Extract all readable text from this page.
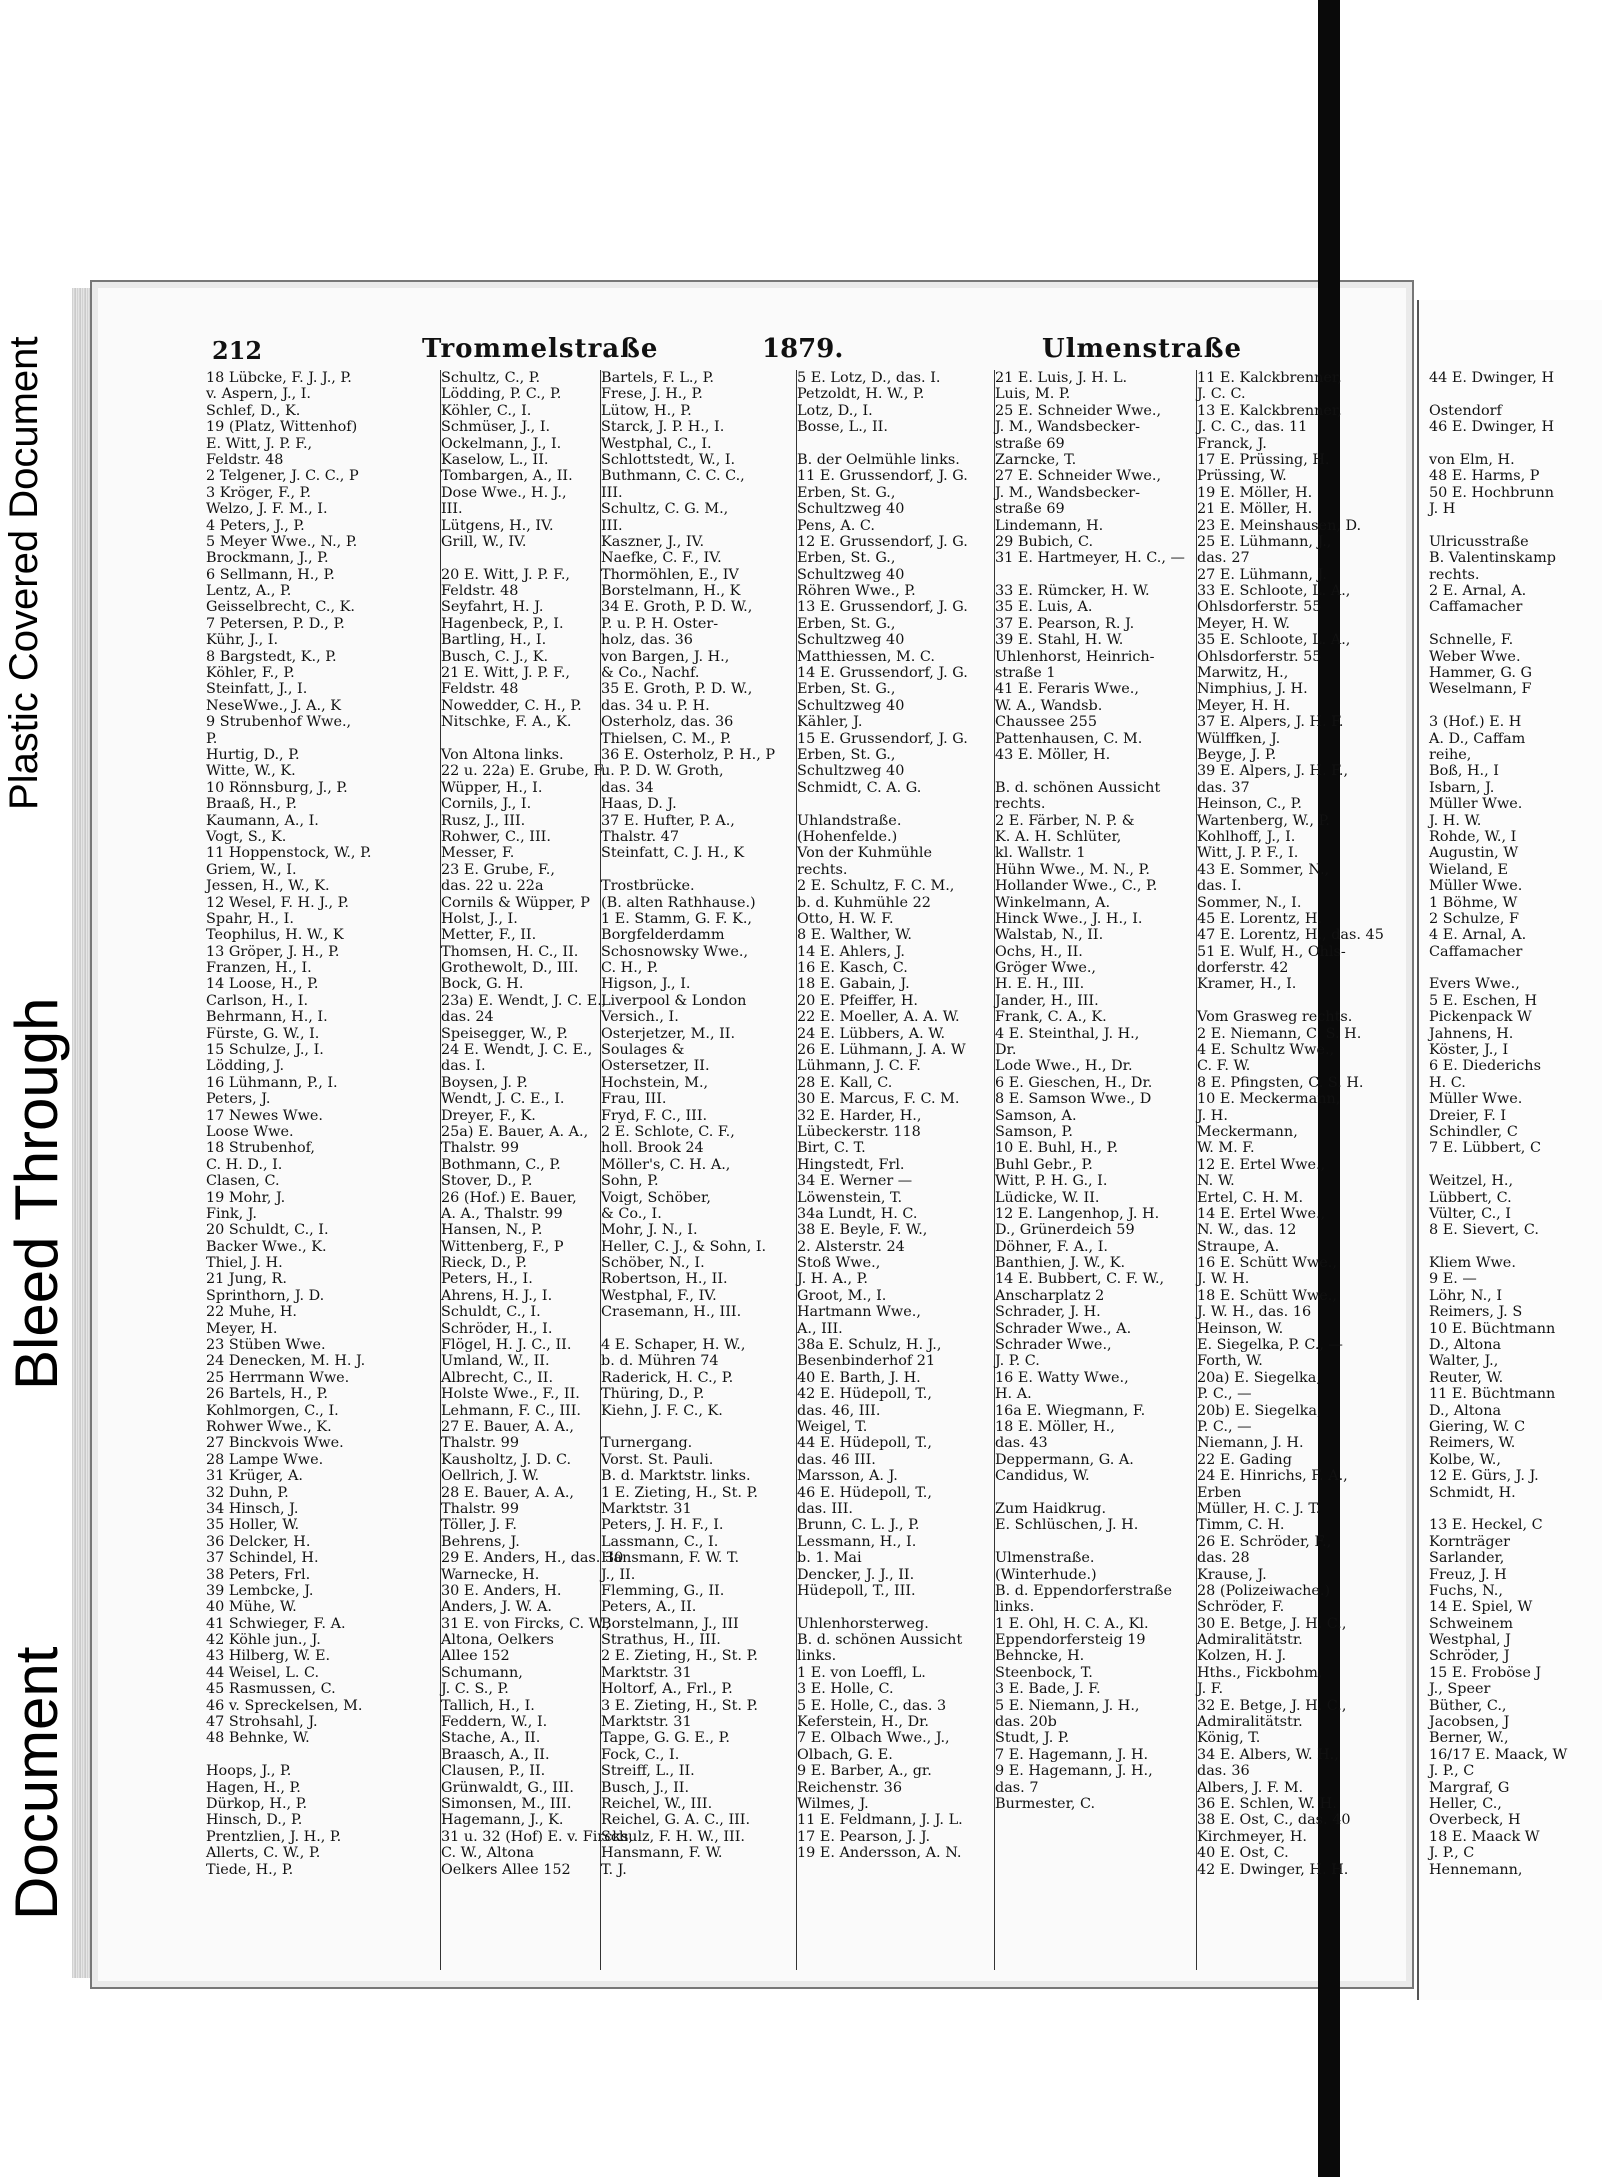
Document
Bleed Through
Plastic Covered Document	44 E. Dwinger, H
Ostendorf
46 E. Dwinger, H
von Elm, H.
48 E. Harms, P
50 E. Hochbrunn
J. H
Ulricusstraße
B. Valentinskamp
rechts.
2 E. Arnal, A.
Caffamacher
Schnelle, F.
Weber Wwe.
Hammer, G. G
Weselmann, F
3 (Hof.) E. H
A. D., Caffam
reihe,
Boß, H., I
Isbarn, J.
Müller Wwe.
J. H. W.
Rohde, W., I
Augustin, W
Wieland, E
Müller Wwe.
1 Böhme, W
2 Schulze, F
4 E. Arnal, A.
Caffamacher
Evers Wwe.,
5 E. Eschen, H
Pickenpack W
Jahnens, H.
Köster, J., I
6 E. Diederichs
H. C.
Müller Wwe.
Dreier, F. I
Schindler, C
7 E. Lübbert, C
Weitzel, H.,
Lübbert, C.
Vülter, C., I
8 E. Sievert, C.
Kliem Wwe.
9 E. —
Löhr, N., I
Reimers, J. S
10 E. Büchtmann
D., Altona
Walter, J.,
Reuter, W.
11 E. Büchtmann
D., Altona
Giering, W. C
Reimers, W.
Kolbe, W.,
12 E. Gürs, J. J.
Schmidt, H.
13 E. Heckel, C
Kornträger
Sarlander,
Freuz, J. H
Fuchs, N.,
14 E. Spiel, W
Schweinem
Westphal, J
Schröder, J
15 E. Froböse J
J., Speer
Büther, C.,
Jacobsen, J
Berner, W.,
16/17 E. Maack, W
J. P., C
Margraf, G
Heller, C.,
Overbeck, H
18 E. Maack W
J. P., C
Hennemann,
212	Trommelstraße	1879.	Ulmenstraße
18 Lübcke, F. J. J., P.
v. Aspern, J., I.
Schlef, D., K.
19 (Platz, Wittenhof)
E. Witt, J. P. F.,
Feldstr. 48
2 Telgener, J. C. C., P
3 Kröger, F., P.
Welzo, J. F. M., I.
4 Peters, J., P.
5 Meyer Wwe., N., P.
Brockmann, J., P.
6 Sellmann, H., P.
Lentz, A., P.
Geisselbrecht, C., K.
7 Petersen, P. D., P.
Kühr, J., I.
8 Bargstedt, K., P.
Köhler, F., P.
Steinfatt, J., I.
NeseWwe., J. A., K
9 Strubenhof Wwe.,
P.
Hurtig, D., P.
Witte, W., K.
10 Rönnsburg, J., P.
Braaß, H., P.
Kaumann, A., I.
Vogt, S., K.
11 Hoppenstock, W., P.
Griem, W., I.
Jessen, H., W., K.
12 Wesel, F. H. J., P.
Spahr, H., I.
Teophilus, H. W., K
13 Gröper, J. H., P.
Franzen, H., I.
14 Loose, H., P.
Carlson, H., I.
Behrmann, H., I.
Fürste, G. W., I.
15 Schulze, J., I.
Lödding, J.
16 Lühmann, P., I.
Peters, J.
17 Newes Wwe.
Loose Wwe.
18 Strubenhof,
C. H. D., I.
Clasen, C.
19 Mohr, J.
Fink, J.
20 Schuldt, C., I.
Backer Wwe., K.
Thiel, J. H.
21 Jung, R.
Sprinthorn, J. D.
22 Muhe, H.
Meyer, H.
23 Stüben Wwe.
24 Denecken, M. H. J.
25 Herrmann Wwe.
26 Bartels, H., P.
Kohlmorgen, C., I.
Rohwer Wwe., K.
27 Binckvois Wwe.
28 Lampe Wwe.
31 Krüger, A.
32 Duhn, P.
34 Hinsch, J.
35 Holler, W.
36 Delcker, H.
37 Schindel, H.
38 Peters, Frl.
39 Lembcke, J.
40 Mühe, W.
41 Schwieger, F. A.
42 Köhle jun., J.
43 Hilberg, W. E.
44 Weisel, L. C.
45 Rasmussen, C.
46 v. Spreckelsen, M.
47 Strohsahl, J.
48 Behnke, W.
Hoops, J., P.
Hagen, H., P.
Dürkop, H., P.
Hinsch, D., P.
Prentzlien, J. H., P.
Allerts, C. W., P.
Tiede, H., P.
Schultz, C., P.
Lödding, P. C., P.
Köhler, C., I.
Schmüser, J., I.
Ockelmann, J., I.
Kaselow, L., II.
Tombargen, A., II.
Dose Wwe., H. J.,
III.
Lütgens, H., IV.
Grill, W., IV.
20 E. Witt, J. P. F.,
Feldstr. 48
Seyfahrt, H. J.
Hagenbeck, P., I.
Bartling, H., I.
Busch, C. J., K.
21 E. Witt, J. P. F.,
Feldstr. 48
Nowedder, C. H., P.
Nitschke, F. A., K.
Von Altona links.
22 u. 22a) E. Grube, F.
Wüpper, H., I.
Cornils, J., I.
Rusz, J., III.
Rohwer, C., III.
Messer, F.
23 E. Grube, F.,
das. 22 u. 22a
Cornils & Wüpper, P
Holst, J., I.
Metter, F., II.
Thomsen, H. C., II.
Grothewolt, D., III.
Bock, G. H.
23a) E. Wendt, J. C. E.,
das. 24
Speisegger, W., P.
24 E. Wendt, J. C. E.,
das. I.
Boysen, J. P.
Wendt, J. C. E., I.
Dreyer, F., K.
25a) E. Bauer, A. A.,
Thalstr. 99
Bothmann, C., P.
Stover, D., P.
26 (Hof.) E. Bauer,
A. A., Thalstr. 99
Hansen, N., P.
Wittenberg, F., P
Rieck, D., P.
Peters, H., I.
Ahrens, H. J., I.
Schuldt, C., I.
Schröder, H., I.
Flögel, H. J. C., II.
Umland, W., II.
Albrecht, C., II.
Holste Wwe., F., II.
Lehmann, F. C., III.
27 E. Bauer, A. A.,
Thalstr. 99
Kausholtz, J. D. C.
Oellrich, J. W.
28 E. Bauer, A. A.,
Thalstr. 99
Töller, J. F.
Behrens, J.
29 E. Anders, H., das. 30
Warnecke, H.
30 E. Anders, H.
Anders, J. W. A.
31 E. von Fircks, C. W.,
Altona, Oelkers
Allee 152
Schumann,
J. C. S., P.
Tallich, H., I.
Feddern, W., I.
Stache, A., II.
Braasch, A., II.
Clausen, P., II.
Grünwaldt, G., III.
Simonsen, M., III.
Hagemann, J., K.
31 u. 32 (Hof) E. v. Fircks,
C. W., Altona
Oelkers Allee 152
Bartels, F. L., P.
Frese, J. H., P.
Lütow, H., P.
Starck, J. P. H., I.
Westphal, C., I.
Schlottstedt, W., I.
Buthmann, C. C. C.,
III.
Schultz, C. G. M.,
III.
Kaszner, J., IV.
Naefke, C. F., IV.
Thormöhlen, E., IV
Borstelmann, H., K
34 E. Groth, P. D. W.,
P. u. P. H. Oster-
holz, das. 36
von Bargen, J. H.,
& Co., Nachf.
35 E. Groth, P. D. W.,
das. 34 u. P. H.
Osterholz, das. 36
Thielsen, C. M., P.
36 E. Osterholz, P. H., P
u. P. D. W. Groth,
das. 34
Haas, D. J.
37 E. Hufter, P. A.,
Thalstr. 47
Steinfatt, C. J. H., K
Trostbrücke.
(B. alten Rathhause.)
1 E. Stamm, G. F. K.,
Borgfelderdamm
Schosnowsky Wwe.,
C. H., P.
Higson, J., I.
Liverpool & London
Versich., I.
Osterjetzer, M., II.
Soulages &
Ostersetzer, II.
Hochstein, M.,
Frau, III.
Fryd, F. C., III.
2 E. Schlote, C. F.,
holl. Brook 24
Möller's, C. H. A.,
Sohn, P.
Voigt, Schöber,
& Co., I.
Mohr, J. N., I.
Heller, C. J., & Sohn, I.
Schöber, N., I.
Robertson, H., II.
Westphal, F., IV.
Crasemann, H., III.
4 E. Schaper, H. W.,
b. d. Mühren 74
Raderick, H. C., P.
Thüring, D., P.
Kiehn, J. F. C., K.
Turnergang.
Vorst. St. Pauli.
B. d. Marktstr. links.
1 E. Zieting, H., St. P.
Marktstr. 31
Peters, J. H. F., I.
Lassmann, C., I.
Hansmann, F. W. T.
J., II.
Flemming, G., II.
Peters, A., II.
Borstelmann, J., III
Strathus, H., III.
2 E. Zieting, H., St. P.
Marktstr. 31
Holtorf, A., Frl., P.
3 E. Zieting, H., St. P.
Marktstr. 31
Tappe, G. G. E., P.
Fock, C., I.
Streiff, L., II.
Busch, J., II.
Reichel, W., III.
Reichel, G. A. C., III.
Schulz, F. H. W., III.
Hansmann, F. W.
T. J.
5 E. Lotz, D., das. I.
Petzoldt, H. W., P.
Lotz, D., I.
Bosse, L., II.
B. der Oelmühle links.
11 E. Grussendorf, J. G.
Erben, St. G.,
Schultzweg 40
Pens, A. C.
12 E. Grussendorf, J. G.
Erben, St. G.,
Schultzweg 40
Röhren Wwe., P.
13 E. Grussendorf, J. G.
Erben, St. G.,
Schultzweg 40
Matthiessen, M. C.
14 E. Grussendorf, J. G.
Erben, St. G.,
Schultzweg 40
Kähler, J.
15 E. Grussendorf, J. G.
Erben, St. G.,
Schultzweg 40
Schmidt, C. A. G.
Uhlandstraße.
(Hohenfelde.)
Von der Kuhmühle
rechts.
2 E. Schultz, F. C. M.,
b. d. Kuhmühle 22
Otto, H. W. F.
8 E. Walther, W.
14 E. Ahlers, J.
16 E. Kasch, C.
18 E. Gabain, J.
20 E. Pfeiffer, H.
22 E. Moeller, A. A. W.
24 E. Lübbers, A. W.
26 E. Lühmann, J. A. W
Lühmann, J. C. F.
28 E. Kall, C.
30 E. Marcus, F. C. M.
32 E. Harder, H.,
Lübeckerstr. 118
Birt, C. T.
Hingstedt, Frl.
34 E. Werner —
Löwenstein, T.
34a Lundt, H. C.
38 E. Beyle, F. W.,
2. Alsterstr. 24
Stoß Wwe.,
J. H. A., P.
Groot, M., I.
Hartmann Wwe.,
A., III.
38a E. Schulz, H. J.,
Besenbinderhof 21
40 E. Barth, J. H.
42 E. Hüdepoll, T.,
das. 46, III.
Weigel, T.
44 E. Hüdepoll, T.,
das. 46 III.
Marsson, A. J.
46 E. Hüdepoll, T.,
das. III.
Brunn, C. L. J., P.
Lessmann, H., I.
b. 1. Mai
Dencker, J. J., II.
Hüdepoll, T., III.
Uhlenhorsterweg.
B. d. schönen Aussicht
links.
1 E. von Loeffl, L.
3 E. Holle, C.
5 E. Holle, C., das. 3
Keferstein, H., Dr.
7 E. Olbach Wwe., J.,
Olbach, G. E.
9 E. Barber, A., gr.
Reichenstr. 36
Wilmes, J.
11 E. Feldmann, J. J. L.
17 E. Pearson, J. J.
19 E. Andersson, A. N.
21 E. Luis, J. H. L.
Luis, M. P.
25 E. Schneider Wwe.,
J. M., Wandsbecker-
straße 69
Zarncke, T.
27 E. Schneider Wwe.,
J. M., Wandsbecker-
straße 69
Lindemann, H.
29 Bubich, C.
31 E. Hartmeyer, H. C., —
33 E. Rümcker, H. W.
35 E. Luis, A.
37 E. Pearson, R. J.
39 E. Stahl, H. W.
Uhlenhorst, Heinrich-
straße 1
41 E. Feraris Wwe.,
W. A., Wandsb.
Chaussee 255
Pattenhausen, C. M.
43 E. Möller, H.
B. d. schönen Aussicht
rechts.
2 E. Färber, N. P. &
K. A. H. Schlüter,
kl. Wallstr. 1
Hühn Wwe., M. N., P.
Hollander Wwe., C., P.
Winkelmann, A.
Hinck Wwe., J. H., I.
Walstab, N., II.
Ochs, H., II.
Gröger Wwe.,
H. E. H., III.
Jander, H., III.
Frank, C. A., K.
4 E. Steinthal, J. H.,
Dr.
Lode Wwe., H., Dr.
6 E. Gieschen, H., Dr.
8 E. Samson Wwe., D
Samson, A.
Samson, P.
10 E. Buhl, H., P.
Buhl Gebr., P.
Witt, P. H. G., I.
Lüdicke, W. II.
12 E. Langenhop, J. H.
D., Grünerdeich 59
Döhner, F. A., I.
Banthien, J. W., K.
14 E. Bubbert, C. F. W.,
Anscharplatz 2
Schrader, J. H.
Schrader Wwe., A.
Schrader Wwe.,
J. P. C.
16 E. Watty Wwe.,
H. A.
16a E. Wiegmann, F.
18 E. Möller, H.,
das. 43
Deppermann, G. A.
Candidus, W.
Zum Haidkrug.
E. Schlüschen, J. H.
Ulmenstraße.
(Winterhude.)
B. d. Eppendorferstraße
links.
1 E. Ohl, H. C. A., Kl.
Eppendorfersteig 19
Behncke, H.
Steenbock, T.
3 E. Bade, J. F.
5 E. Niemann, J. H.,
das. 20b
Studt, J. P.
7 E. Hagemann, J. H.
9 E. Hagemann, J. H.,
das. 7
Burmester, C.
11 E. Kalckbrenner,
J. C. C.
13 E. Kalckbrenner,
J. C. C., das. 11
Franck, J.
17 E. Prüssing, H.
Prüssing, W.
19 E. Möller, H.
21 E. Möller, H.
23 E. Meinshausen, D.
25 E. Lühmann, J.,
das. 27
27 E. Lühmann, J.
33 E. Schloote, L. A.,
Ohlsdorferstr. 55
Meyer, H. W.
35 E. Schloote, L. A.,
Ohlsdorferstr. 55
Marwitz, H.,
Nimphius, J. H.
Meyer, H. H.
37 E. Alpers, J. H. F.
Wülffken, J.
Beyge, J. P.
39 E. Alpers, J. H. F.,
das. 37
Heinson, C., P.
Wartenberg, W., P.
Kohlhoff, J., I.
Witt, J. P. F., I.
43 E. Sommer, N.,
das. I.
Sommer, N., I.
45 E. Lorentz, H.
47 E. Lorentz, H., das. 45
51 E. Wulf, H., Ohls-
dorferstr. 42
Kramer, H., I.
Vom Grasweg rechts.
2 E. Niemann, C. S. H.
4 E. Schultz Wwe.,
C. F. W.
8 E. Pfingsten, C. S. H.
10 E. Meckermann,
J. H.
Meckermann,
W. M. F.
12 E. Ertel Wwe.,
N. W.
Ertel, C. H. M.
14 E. Ertel Wwe.,
N. W., das. 12
Straupe, A.
16 E. Schütt Wwe.,
J. W. H.
18 E. Schütt Wwe.,
J. W. H., das. 16
Heinson, W.
E. Siegelka, P. C., —
Forth, W.
20a) E. Siegelka,
P. C., —
20b) E. Siegelka,
P. C., —
Niemann, J. H.
22 E. Gading
24 E. Hinrichs, F. A.,
Erben
Müller, H. C. J. T.
Timm, C. H.
26 E. Schröder, F.,
das. 28
Krause, J.
28 (Polizeiwache.)
Schröder, F.
30 E. Betge, J. H. C.,
Admiralitätstr.
Kolzen, H. J.
Hths., Fickbohm,
J. F.
32 E. Betge, J. H. C.,
Admiralitätstr.
König, T.
34 E. Albers, W. H.,
das. 36
Albers, J. F. M.
36 E. Schlen, W. H.
38 E. Ost, C., das. 40
Kirchmeyer, H.
40 E. Ost, C.
42 E. Dwinger, H. H.
